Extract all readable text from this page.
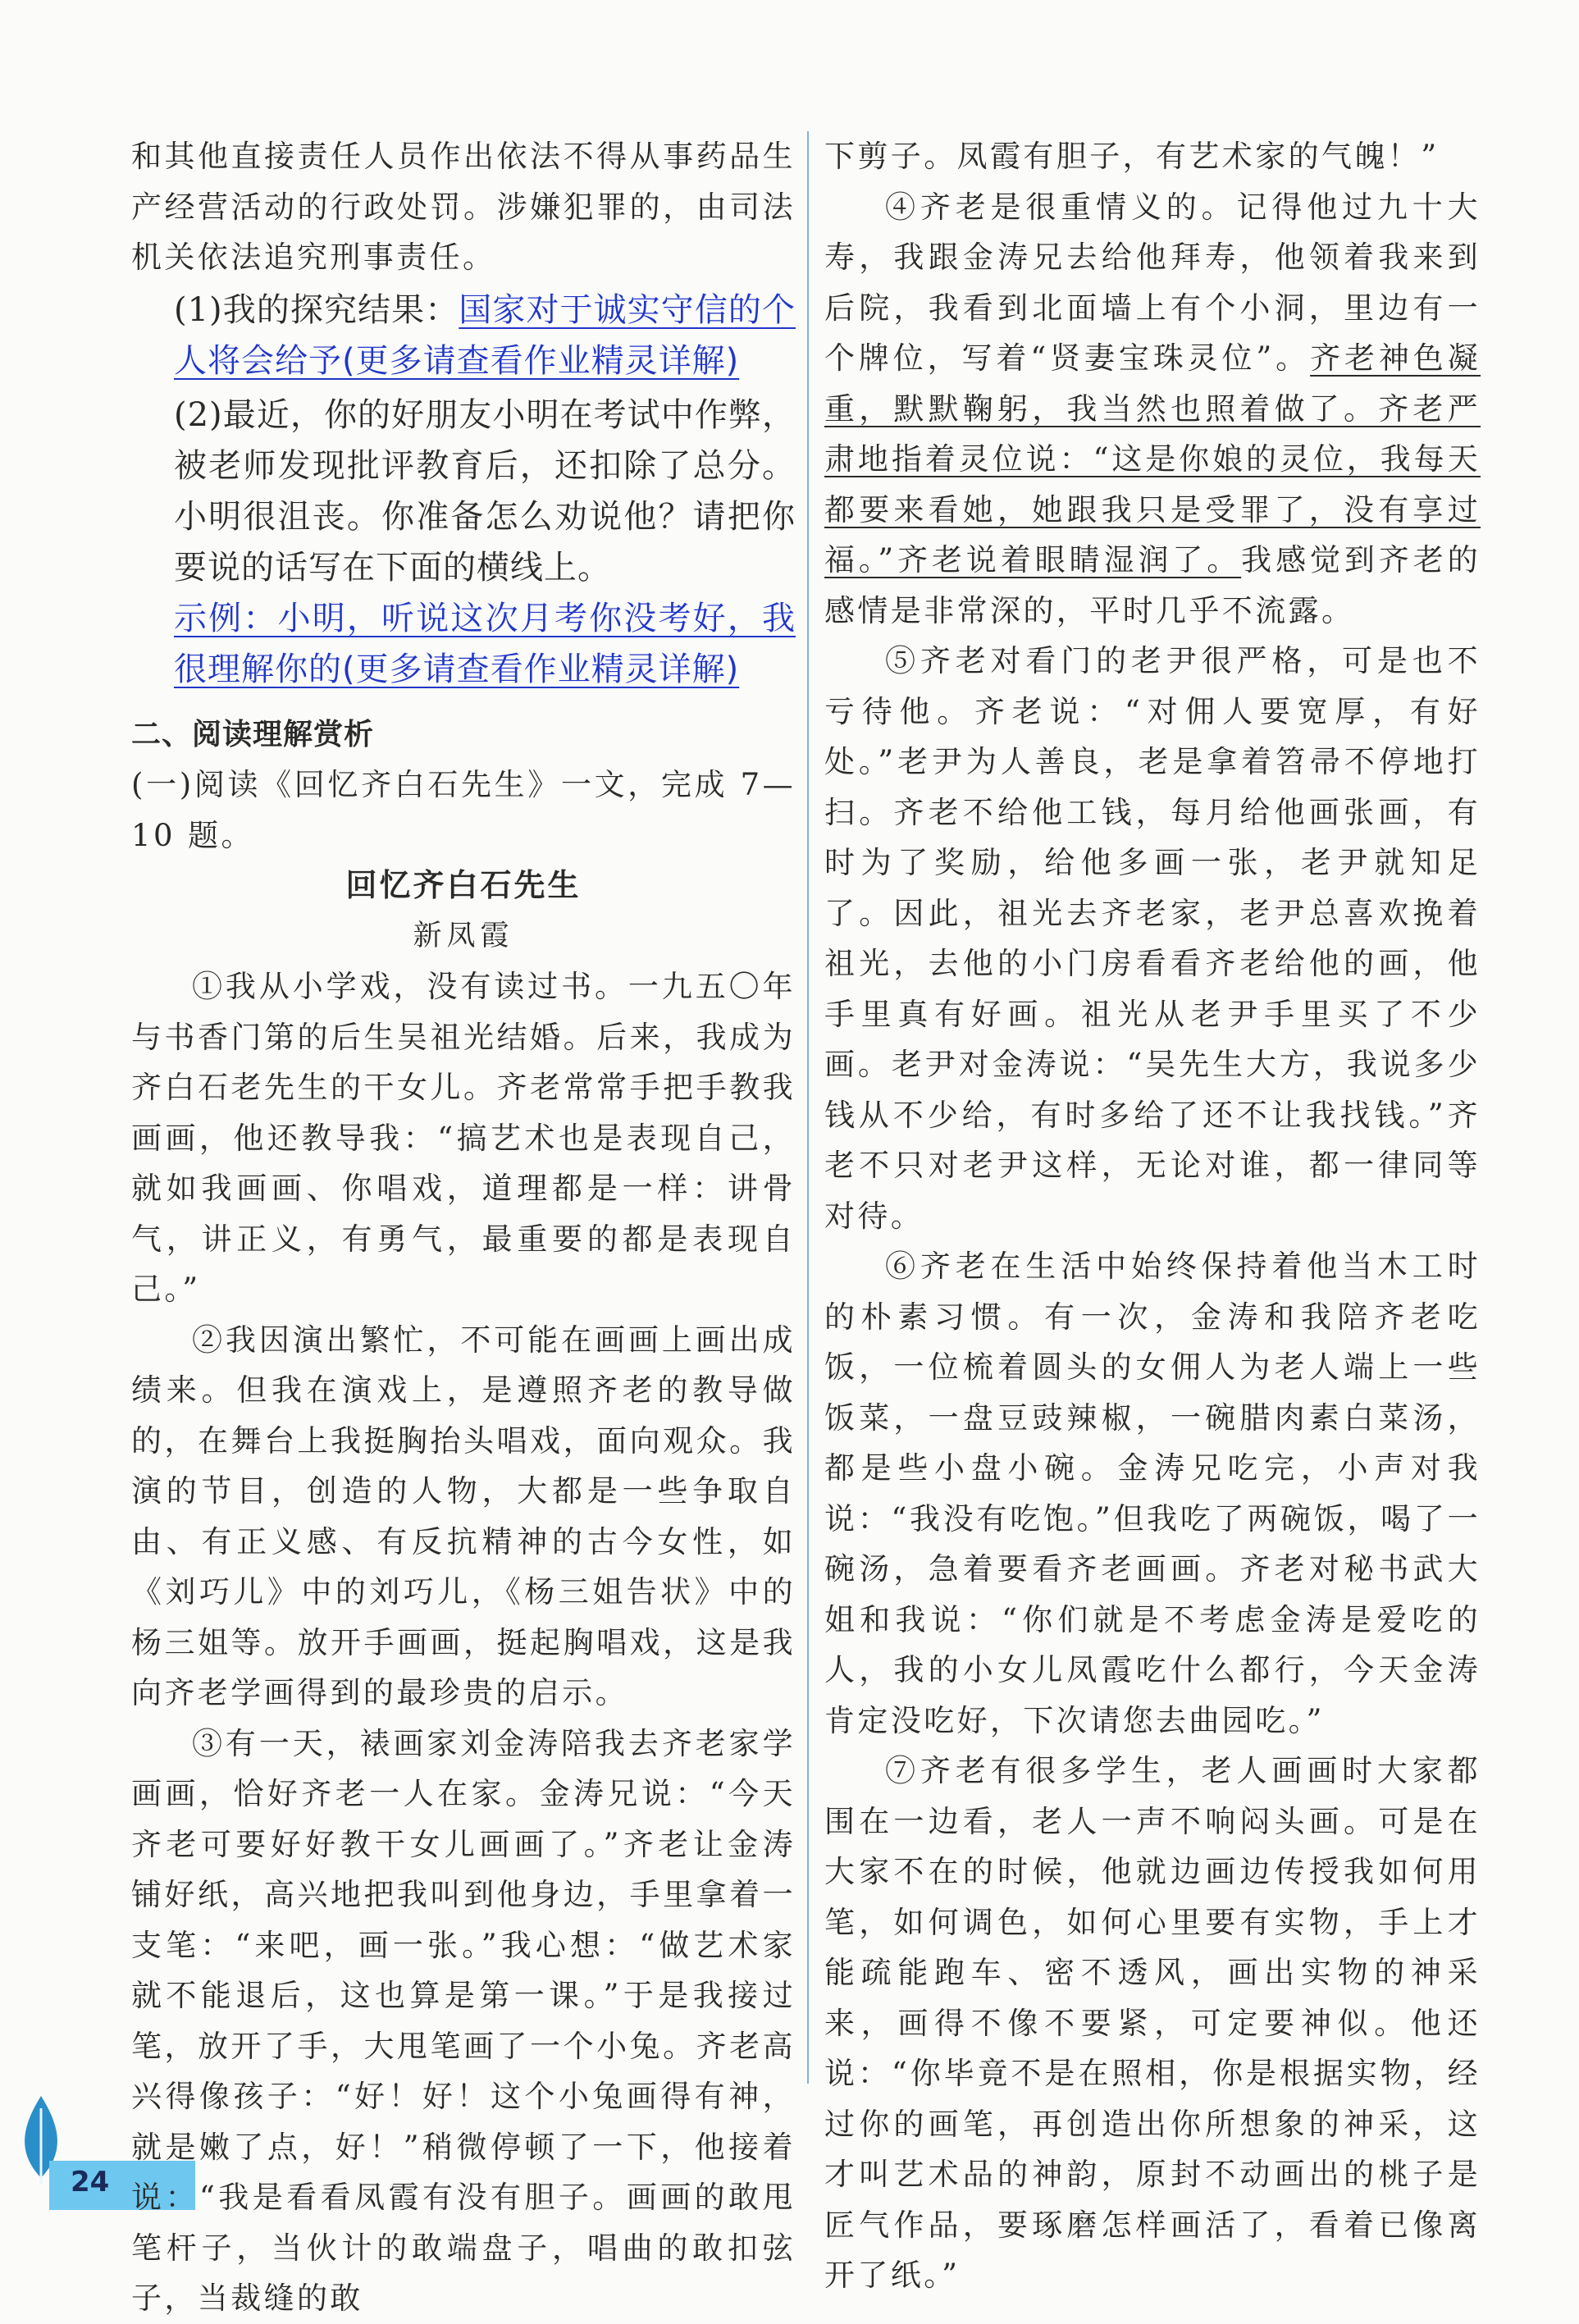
24

和其他直接责任人员作出依法不得从事药品生产经营活动的行政处罚。涉嫌犯罪的，由司法机关依法追究刑事责任。

(1)我的探究结果：国家对于诚实守信的个人将会给予(更多请查看作业精灵详解)

(2)最近，你的好朋友小明在考试中作弊，被老师发现批评教育后，还扣除了总分。小明很沮丧。你准备怎么劝说他？请把你要说的话写在下面的横线上。

示例：小明，听说这次月考你没考好，我很理解你的(更多请查看作业精灵详解)

二、阅读理解赏析

(一)阅读《回忆齐白石先生》一文，完成 7—10 题。

回忆齐白石先生

新凤霞

①我从小学戏，没有读过书。一九五〇年与书香门第的后生吴祖光结婚。后来，我成为齐白石老先生的干女儿。齐老常常手把手教我画画，他还教导我：“搞艺术也是表现自己，就如我画画、你唱戏，道理都是一样：讲骨气，讲正义，有勇气，最重要的都是表现自己。”

②我因演出繁忙，不可能在画画上画出成绩来。但我在演戏上，是遵照齐老的教导做的，在舞台上我挺胸抬头唱戏，面向观众。我演的节目，创造的人物，大都是一些争取自由、有正义感、有反抗精神的古今女性，如《刘巧儿》中的刘巧儿，《杨三姐告状》中的杨三姐等。放开手画画，挺起胸唱戏，这是我向齐老学画得到的最珍贵的启示。

③有一天，裱画家刘金涛陪我去齐老家学画画，恰好齐老一人在家。金涛兄说：“今天齐老可要好好教干女儿画画了。”齐老让金涛铺好纸，高兴地把我叫到他身边，手里拿着一支笔：“来吧，画一张。”我心想：“做艺术家就不能退后，这也算是第一课。”于是我接过笔，放开了手，大甩笔画了一个小兔。齐老高兴得像孩子：“好！好！这个小兔画得有神，就是嫩了点，好！”稍微停顿了一下，他接着说：“我是看看凤霞有没有胆子。画画的敢甩笔杆子，当伙计的敢端盘子，唱曲的敢扣弦子，当裁缝的敢

下剪子。凤霞有胆子，有艺术家的气魄！”

④齐老是很重情义的。记得他过九十大寿，我跟金涛兄去给他拜寿，他领着我来到后院，我看到北面墙上有个小洞，里边有一个牌位，写着“贤妻宝珠灵位”。齐老神色凝重，默默鞠躬，我当然也照着做了。齐老严肃地指着灵位说：“这是你娘的灵位，我每天都要来看她，她跟我只是受罪了，没有享过福。”齐老说着眼睛湿润了。我感觉到齐老的感情是非常深的，平时几乎不流露。

⑤齐老对看门的老尹很严格，可是也不亏待他。齐老说：“对佣人要宽厚，有好处。”老尹为人善良，老是拿着笤帚不停地打扫。齐老不给他工钱，每月给他画张画，有时为了奖励，给他多画一张，老尹就知足了。因此，祖光去齐老家，老尹总喜欢挽着祖光，去他的小门房看看齐老给他的画，他手里真有好画。祖光从老尹手里买了不少画。老尹对金涛说：“吴先生大方，我说多少钱从不少给，有时多给了还不让我找钱。”齐老不只对老尹这样，无论对谁，都一律同等对待。

⑥齐老在生活中始终保持着他当木工时的朴素习惯。有一次，金涛和我陪齐老吃饭，一位梳着圆头的女佣人为老人端上一些饭菜，一盘豆豉辣椒，一碗腊肉素白菜汤，都是些小盘小碗。金涛兄吃完，小声对我说：“我没有吃饱。”但我吃了两碗饭，喝了一碗汤，急着要看齐老画画。齐老对秘书武大姐和我说：“你们就是不考虑金涛是爱吃的人，我的小女儿凤霞吃什么都行，今天金涛肯定没吃好，下次请您去曲园吃。”

⑦齐老有很多学生，老人画画时大家都围在一边看，老人一声不响闷头画。可是在大家不在的时候，他就边画边传授我如何用笔，如何调色，如何心里要有实物，手上才能疏能跑车、密不透风，画出实物的神采来，画得不像不要紧，可定要神似。他还说：“你毕竟不是在照相，你是根据实物，经过你的画笔，再创造出你所想象的神采，这才叫艺术品的神韵，原封不动画出的桃子是匠气作品，要琢磨怎样画活了，看着已像离开了纸。”
